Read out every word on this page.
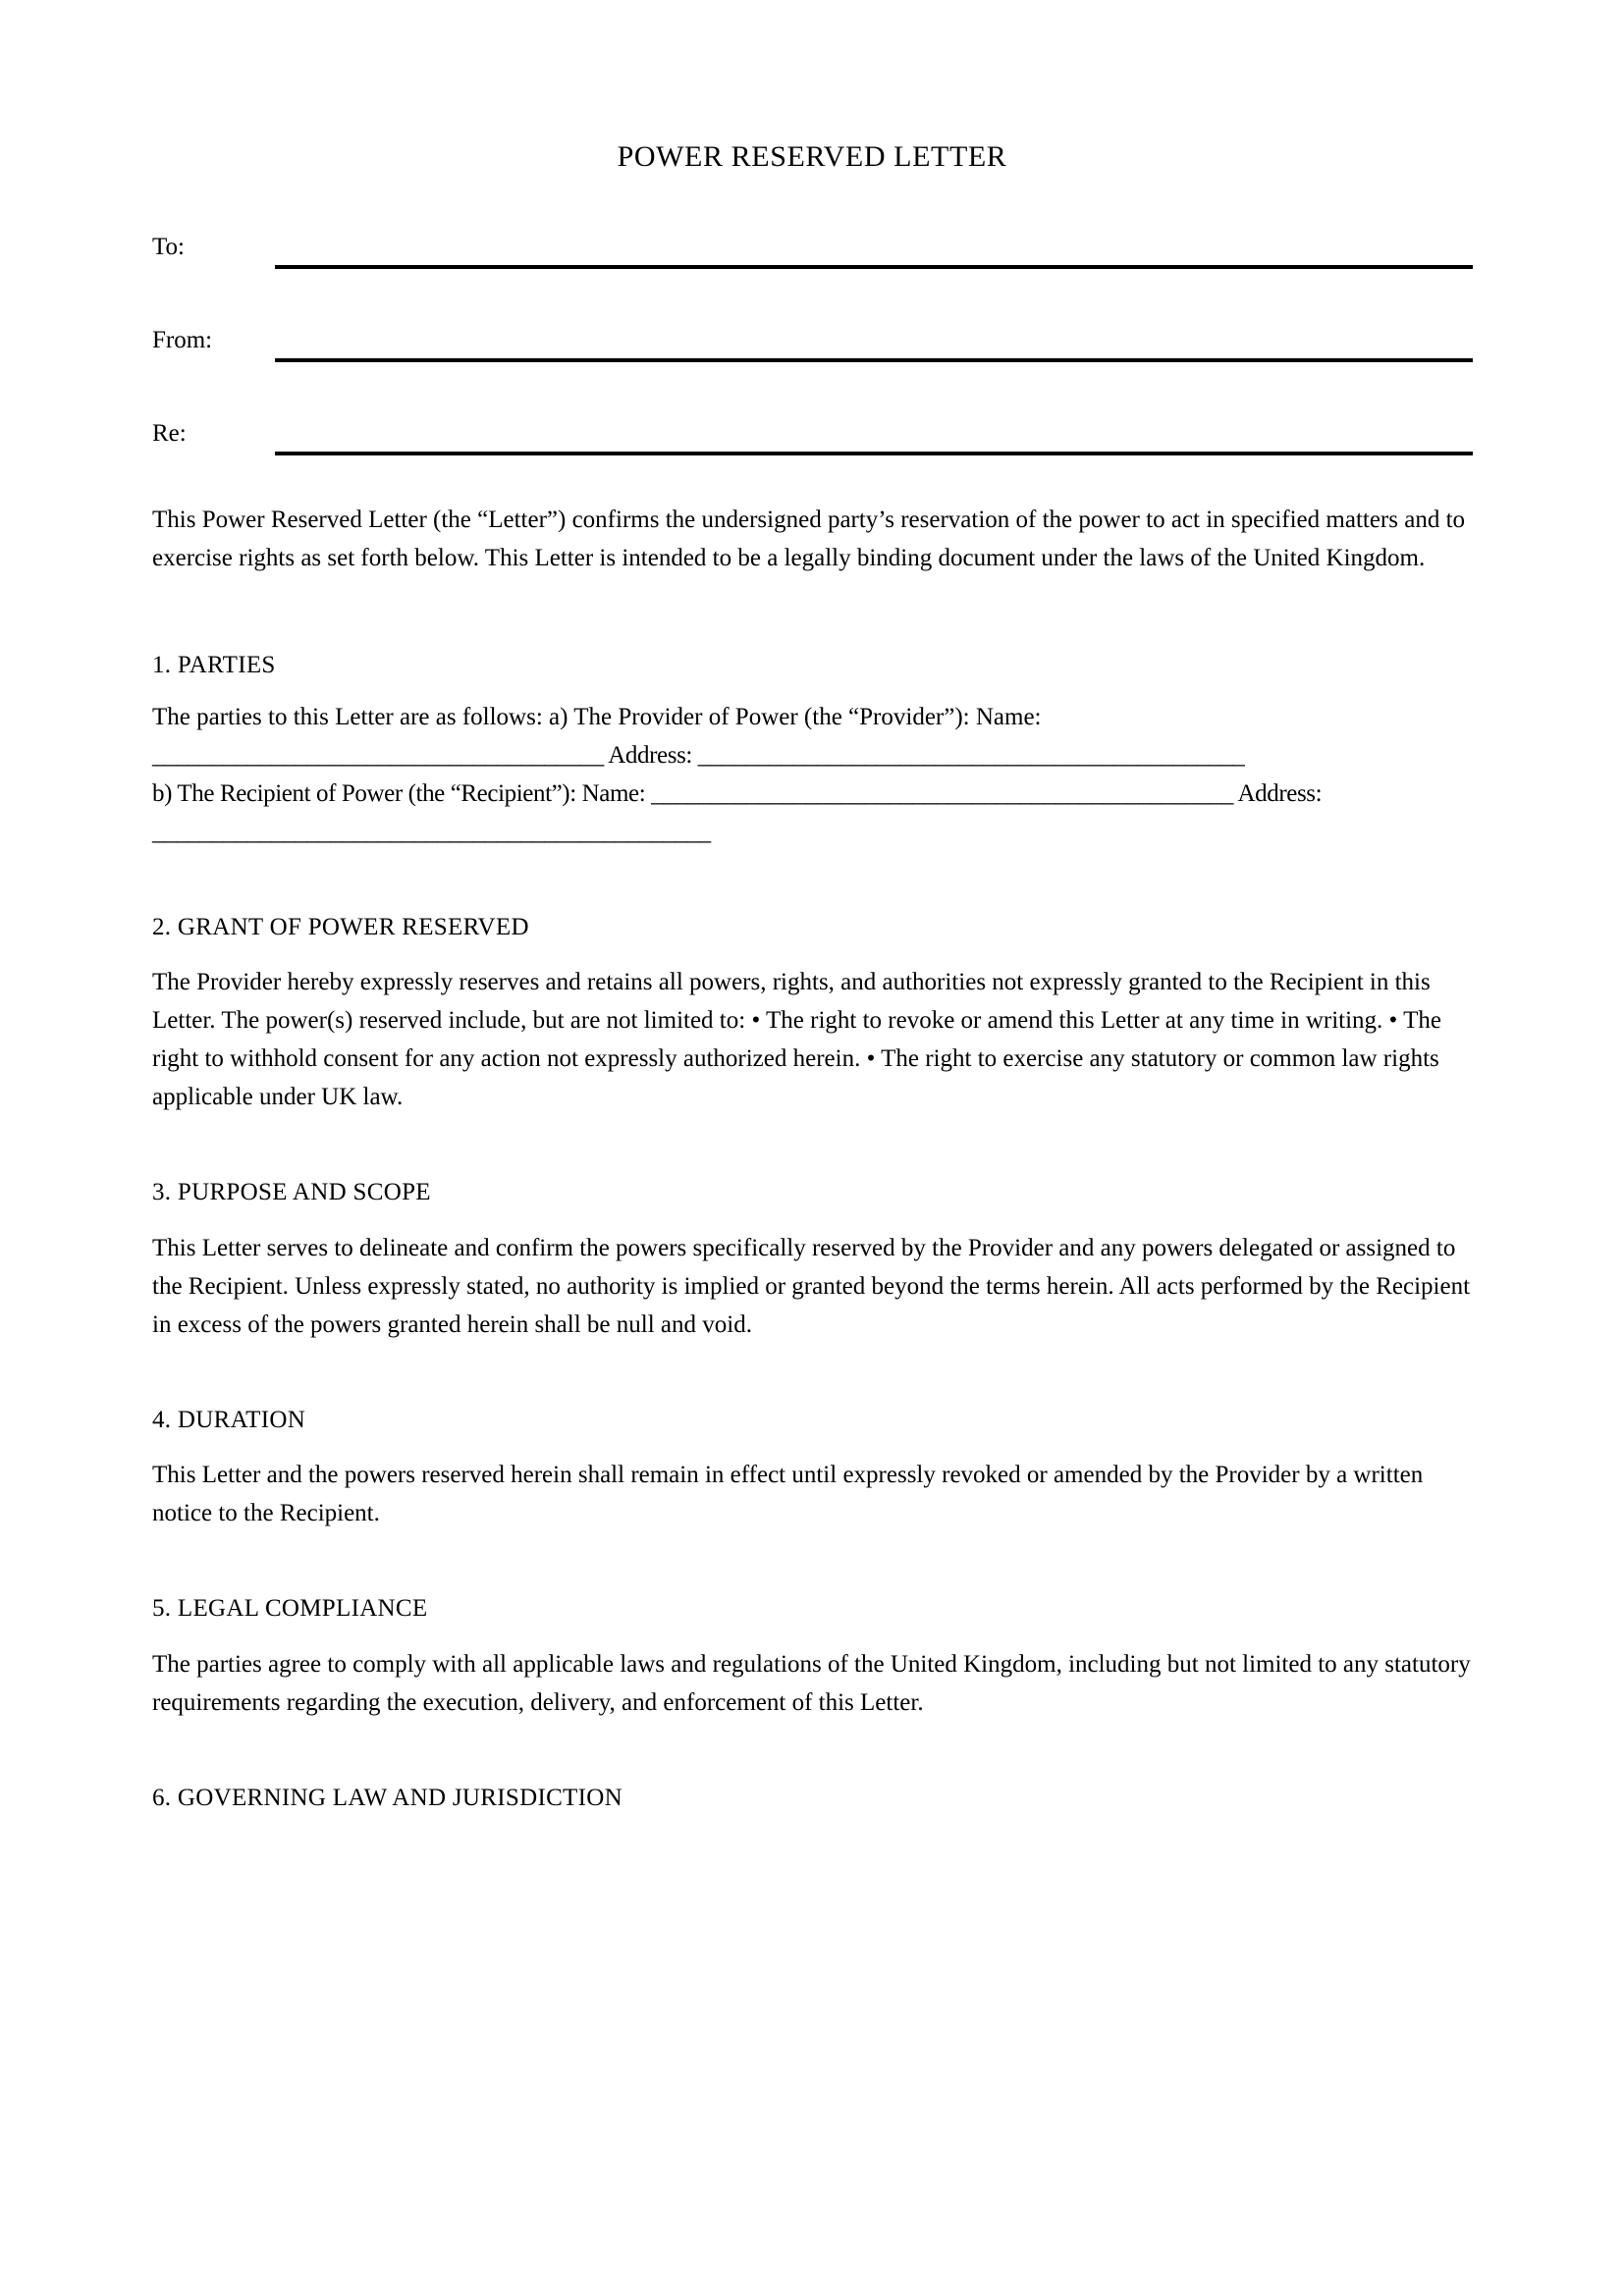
POWER RESERVED LETTER
To:
From:
Re:

This Power Reserved Letter (the “Letter”) confirms the undersigned party’s reservation of the power to act in specified matters and to exercise rights as set forth below. This Letter is intended to be a legally binding document under the laws of the United Kingdom.

1. PARTIES

The parties to this Letter are as follows: a) The Provider of Power (the “Provider”): Name:

______________________________________ Address: ______________________________________________

b) The Recipient of Power (the “Recipient”): Name: _________________________________________________ Address:

_______________________________________________

2. GRANT OF POWER RESERVED

The Provider hereby expressly reserves and retains all powers, rights, and authorities not expressly granted to the Recipient in this Letter. The power(s) reserved include, but are not limited to: • The right to revoke or amend this Letter at any time in writing. • The right to withhold consent for any action not expressly authorized herein. • The right to exercise any statutory or common law rights applicable under UK law.

3. PURPOSE AND SCOPE

This Letter serves to delineate and confirm the powers specifically reserved by the Provider and any powers delegated or assigned to the Recipient. Unless expressly stated, no authority is implied or granted beyond the terms herein. All acts performed by the Recipient in excess of the powers granted herein shall be null and void.

4. DURATION

This Letter and the powers reserved herein shall remain in effect until expressly revoked or amended by the Provider by a written notice to the Recipient.

5. LEGAL COMPLIANCE

The parties agree to comply with all applicable laws and regulations of the United Kingdom, including but not limited to any statutory requirements regarding the execution, delivery, and enforcement of this Letter.

6. GOVERNING LAW AND JURISDICTION
